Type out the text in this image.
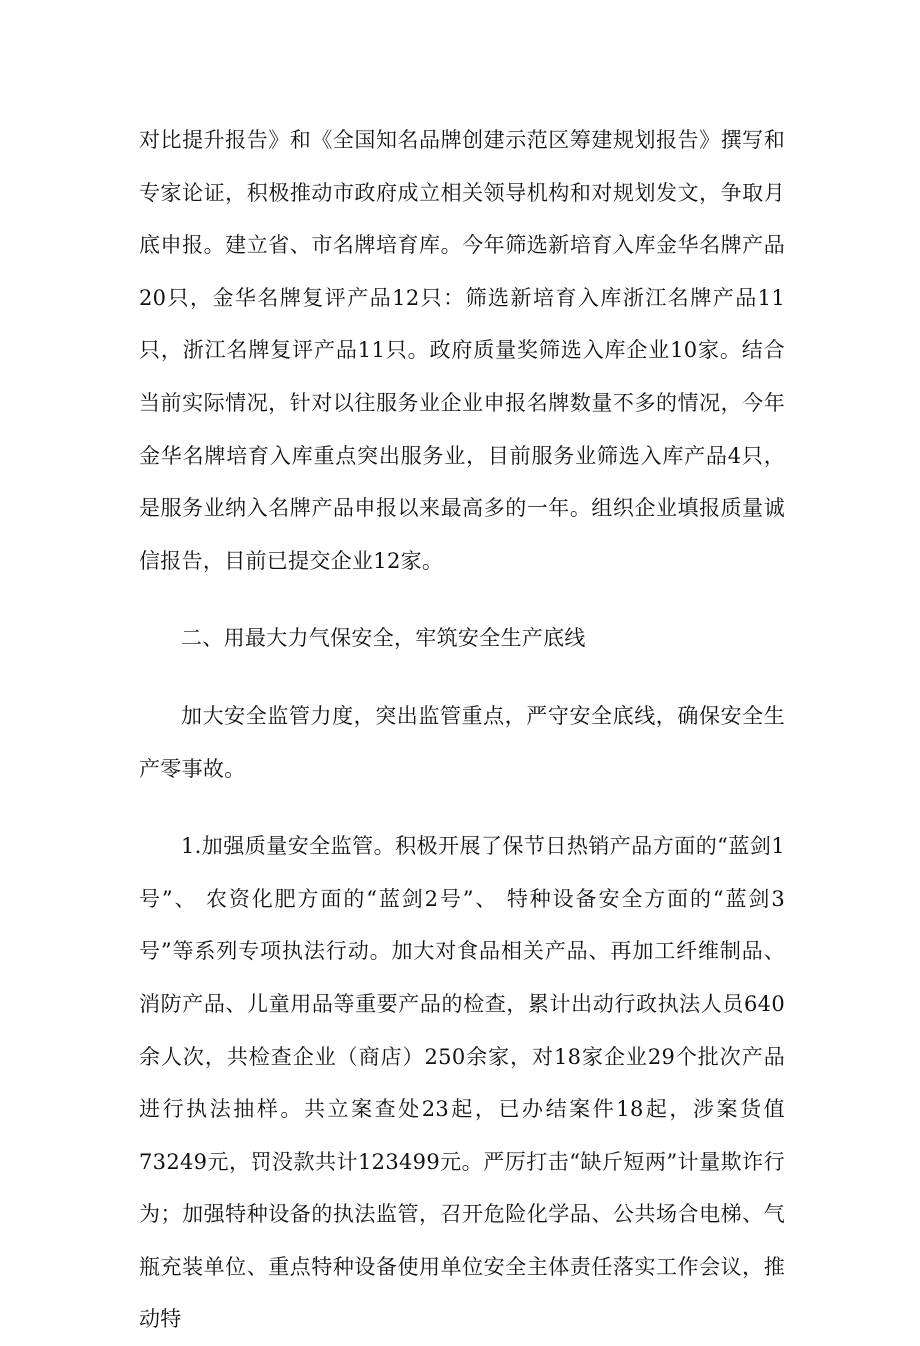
对比提升报告》和《全国知名品牌创建示范区筹建规划报告》撰写和专家论证，积极推动市政府成立相关领导机构和对规划发文，争取月底申报。建立省、市名牌培育库。今年筛选新培育入库金华名牌产品20只，金华名牌复评产品12只：筛选新培育入库浙江名牌产品11只，浙江名牌复评产品11只。政府质量奖筛选入库企业10家。结合当前实际情况，针对以往服务业企业申报名牌数量不多的情况，今年金华名牌培育入库重点突出服务业，目前服务业筛选入库产品4只，是服务业纳入名牌产品申报以来最高多的一年。组织企业填报质量诚信报告，目前已提交企业12家。

二、用最大力气保安全，牢筑安全生产底线

加大安全监管力度，突出监管重点，严守安全底线，确保安全生产零事故。

1.加强质量安全监管。积极开展了保节日热销产品方面的“蓝剑1号”、 农资化肥方面的“蓝剑2号”、 特种设备安全方面的“蓝剑3号”等系列专项执法行动。加大对食品相关产品、再加工纤维制品、消防产品、儿童用品等重要产品的检查，累计出动行政执法人员640余人次，共检查企业（商店）250余家，对18家企业29个批次产品进行执法抽样。共立案查处23起，已办结案件18起，涉案货值73249元，罚没款共计123499元。严厉打击“缺斤短两”计量欺诈行为；加强特种设备的执法监管，召开危险化学品、公共场合电梯、气瓶充装单位、重点特种设备使用单位安全主体责任落实工作会议，推动特
